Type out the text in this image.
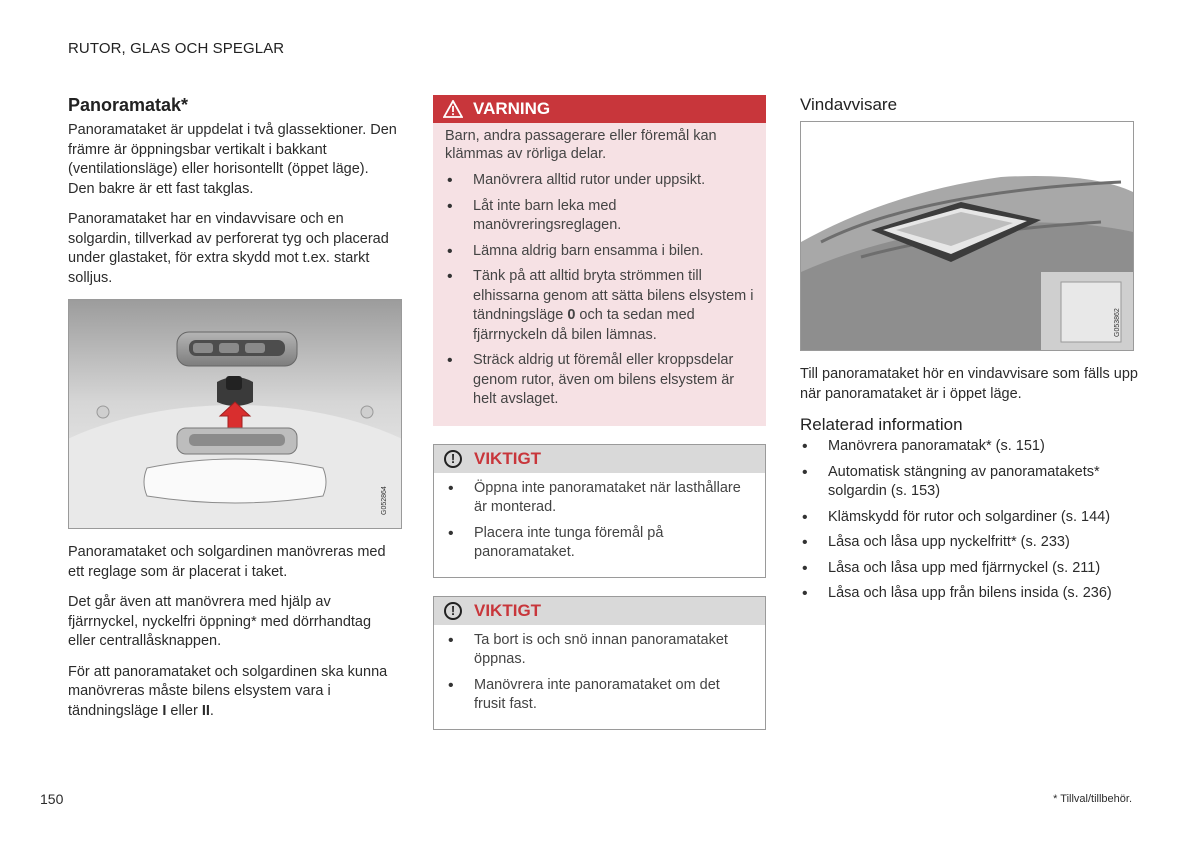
RUTOR, GLAS OCH SPEGLAR
Panoramatak*

Panoramataket är uppdelat i två glassektioner. Den främre är öppningsbar vertikalt i bakkant (ventilationsläge) eller horisontellt (öppet läge). Den bakre är ett fast takglas.

Panoramataket har en vindavvisare och en solgardin, tillverkad av perforerat tyg och placerad under glastaket, för extra skydd mot t.ex. starkt solljus.

G052864

Panoramataket och solgardinen manövreras med ett reglage som är placerat i taket.

Det går även att manövrera med hjälp av fjärrnyckel, nyckelfri öppning* med dörrhandtag eller centrallåsknappen.

För att panoramataket och solgardinen ska kunna manövreras måste bilens elsystem vara i tändningsläge I eller II.

VARNING
Barn, andra passagerare eller föremål kan klämmas av rörliga delar.
• Manövrera alltid rutor under uppsikt.
• Låt inte barn leka med manövreringsreglagen.
• Lämna aldrig barn ensamma i bilen.
• Tänk på att alltid bryta strömmen till elhissarna genom att sätta bilens elsystem i tändningsläge 0 och ta sedan med fjärrnyckeln då bilen lämnas.
• Sträck aldrig ut föremål eller kroppsdelar genom rutor, även om bilens elsystem är helt avslaget.
!	VIKTIGT
• Öppna inte panoramataket när lasthållare är monterad.
• Placera inte tunga föremål på panoramataket.
!	VIKTIGT
• Ta bort is och snö innan panoramataket öppnas.
• Manövrera inte panoramataket om det frusit fast.
Vindavvisare
G053862

Till panoramataket hör en vindavvisare som fälls upp när panoramataket är i öppet läge.

Relaterad information
• Manövrera panoramatak* (s. 151)
• Automatisk stängning av panoramatakets* solgardin (s. 153)
• Klämskydd för rutor och solgardiner (s. 144)
• Låsa och låsa upp nyckelfritt* (s. 233)
• Låsa och låsa upp med fjärrnyckel (s. 211)
• Låsa och låsa upp från bilens insida (s. 236)
150	* Tillval/tillbehör.
